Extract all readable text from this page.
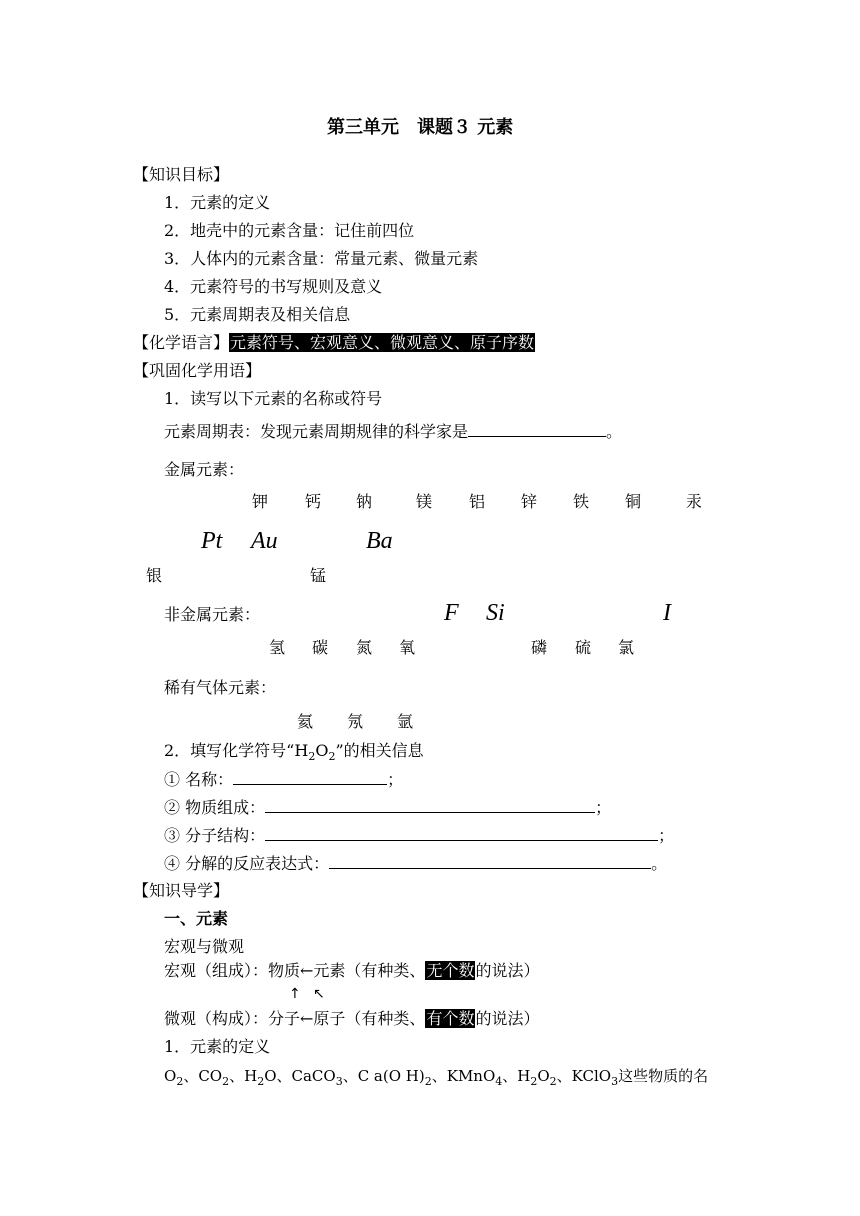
第三单元　课题３ 元素
【知识目标】
1．元素的定义
2．地壳中的元素含量：记住前四位
3．人体内的元素含量：常量元素、微量元素
4．元素符号的书写规则及意义
5．元素周期表及相关信息
【化学语言】元素符号、宏观意义、微观意义、原子序数
【巩固化学用语】
1．读写以下元素的名称或符号
元素周期表：发现元素周期规律的科学家是	。
金属元素：
钾 钙 钠	镁 铝 锌 铁 铜	汞
Pt Au	Ba
银	锰
非金属元素：	F Si	I
氢 碳 氮 氧	磷 硫 氯
稀有气体元素：
氦 氖 氩
2．填写化学符号“$H_2O_2$”的相关信息
① 名称：	；
② 物质组成：	；
③ 分子结构：	；
④ 分解的反应表达式：	。
【知识导学】
一、元素
宏观与微观
宏观（组成）：物质←元素（有种类、无个数的说法）
↑ ↖
微观（构成）：分子←原子（有种类、有个数的说法）
1．元素的定义
$O_2$、$CO_2$、$H_2O$、CaCO$_3$、C a(O $H)_2$、KMnO$_4$、$H_2O_2$、KClO$_3$这些物质的名
